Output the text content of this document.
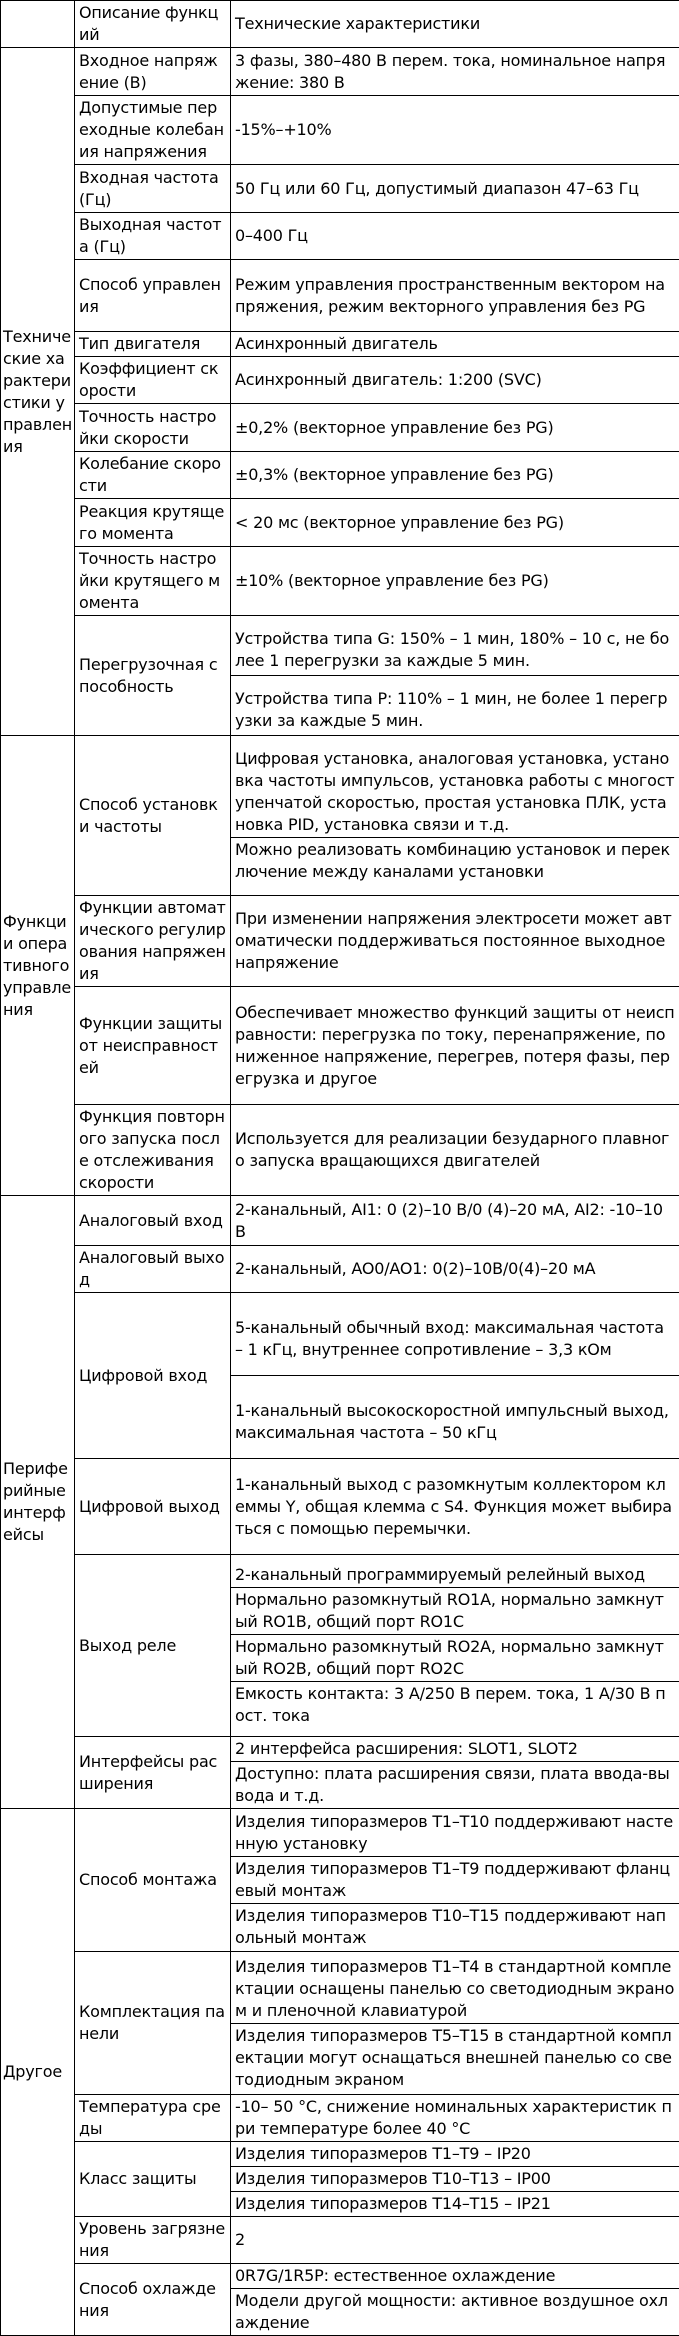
	Описание функций	Технические характеристики
Технические характеристики управления	Входное напряжение (В)	3 фазы, 380–480 В перем. тока, номинальное напряжение: 380 В
	Допустимые переходные колебания напряжения	-15%–+10%
	Входная частота (Гц)	50 Гц или 60 Гц, допустимый диапазон 47–63 Гц
	Выходная частота (Гц)	0–400 Гц
	Способ управления	Режим управления пространственным вектором напряжения, режим векторного управления без PG
	Тип двигателя	Асинхронный двигатель
	Коэффициент скорости	Асинхронный двигатель: 1:200 (SVC)
	Точность настройки скорости	±0,2% (векторное управление без PG)
	Колебание скорости	±0,3% (векторное управление без PG)
	Реакция крутящего момента	< 20 мс (векторное управление без PG)
	Точность настройки крутящего момента	±10% (векторное управление без PG)
	Перегрузочная способность	Устройства типа G: 150% – 1 мин, 180% – 10 с, не более 1 перегрузки за каждые 5 мин.
Устройства типа P: 110% – 1 мин, не более 1 перегрузки за каждые 5 мин.

Функции оперативного управления	Способ установки частоты	Цифровая установка, аналоговая установка, установка частоты импульсов, установка работы с многоступенчатой скоростью, простая установка ПЛК, установка PID, установка связи и т.д.
Можно реализовать комбинацию установок и переключение между каналами установки

	Функции автоматического регулирования напряжения	При изменении напряжения электросети может автоматически поддерживаться постоянное выходное напряжение
	Функции защиты от неисправностей	Обеспечивает множество функций защиты от неисправности: перегрузка по току, перенапряжение, пониженное напряжение, перегрев, потеря фазы, перегрузка и другое
	Функция повторного запуска после отслеживания скорости	Используется для реализации безударного плавного запуска вращающихся двигателей
Периферийные интерфейсы	Аналоговый вход	2-канальный, AI1: 0 (2)–10 В/0 (4)–20 мА, AI2: -10–10 В
	Аналоговый выход	2-канальный, AO0/AO1: 0(2)–10В/0(4)–20 мА
	Цифровой вход	5-канальный обычный вход: максимальная частота – 1 кГц, внутреннее сопротивление – 3,3 кОм
1-канальный высокоскоростной импульсный выход, максимальная частота – 50 кГц

	Цифровой выход	1-канальный выход с разомкнутым коллектором клеммы Y, общая клемма с S4. Функция может выбираться с помощью перемычки.
	Выход реле	2-канальный программируемый релейный выход
Нормально разомкнутый RO1A, нормально замкнутый RO1B, общий порт RO1C
Нормально разомкнутый RO2A, нормально замкнутый RO2B, общий порт RO2C
Емкость контакта: 3 А/250 В перем. тока, 1 А/30 В пост. тока

	Интерфейсы расширения	2 интерфейса расширения: SLOT1, SLOT2
Доступно: плата расширения связи, плата ввода-вывода и т.д.

Другое	Способ монтажа	Изделия типоразмеров T1–T10 поддерживают настенную установку
Изделия типоразмеров T1–T9 поддерживают фланцевый монтаж
Изделия типоразмеров T10–T15 поддерживают напольный монтаж

	Комплектация панели	Изделия типоразмеров T1–T4 в стандартной комплектации оснащены панелью со светодиодным экраном и пленочной клавиатурой
Изделия типоразмеров T5–T15 в стандартной комплектации могут оснащаться внешней панелью со светодиодным экраном

	Температура среды	-10– 50 °C, снижение номинальных характеристик при температуре более 40 °C
	Класс защиты	Изделия типоразмеров T1–T9 – IP20
Изделия типоразмеров T10–T13 – IP00
Изделия типоразмеров T14–T15 – IP21

	Уровень загрязнения	2
	Способ охлаждения	0R7G/1R5P: естественное охлаждение
Модели другой мощности: активное воздушное охлаждение
